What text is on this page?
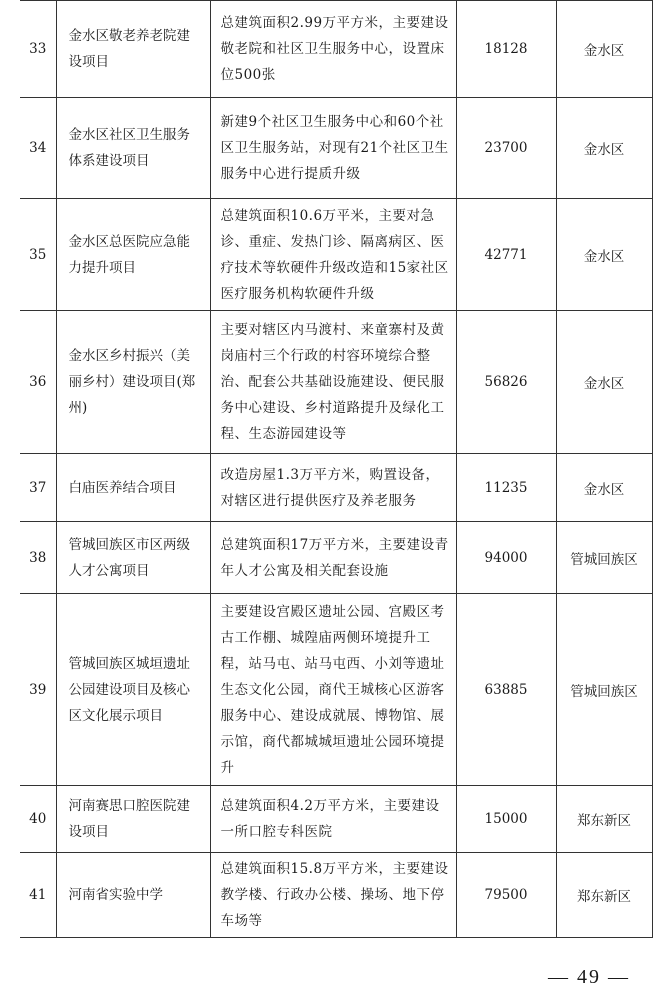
33	金水区敬老养老院建设项目	总建筑面积2.99万平方米，主要建设敬老院和社区卫生服务中心，设置床位500张	18128	金水区
34	金水区社区卫生服务体系建设项目	新建9个社区卫生服务中心和60个社区卫生服务站，对现有21个社区卫生服务中心进行提质升级	23700	金水区
35	金水区总医院应急能力提升项目	总建筑面积10.6万平米，主要对急诊、重症、发热门诊、隔离病区、医疗技术等软硬件升级改造和15家社区医疗服务机构软硬件升级	42771	金水区
36	金水区乡村振兴（美丽乡村）建设项目(郑州)	主要对辖区内马渡村、来童寨村及黄岗庙村三个行政的村容环境综合整治、配套公共基础设施建设、便民服务中心建设、乡村道路提升及绿化工程、生态游园建设等	56826	金水区
37	白庙医养结合项目	改造房屋1.3万平方米，购置设备，对辖区进行提供医疗及养老服务	11235	金水区
38	管城回族区市区两级人才公寓项目	总建筑面积17万平方米，主要建设青年人才公寓及相关配套设施	94000	管城回族区
39	管城回族区城垣遗址公园建设项目及核心区文化展示项目	主要建设宫殿区遗址公园、宫殿区考古工作棚、城隍庙两侧环境提升工程，站马屯、站马屯西、小刘等遗址生态文化公园，商代王城核心区游客服务中心、建设成就展、博物馆、展示馆，商代都城城垣遗址公园环境提升	63885	管城回族区
40	河南赛思口腔医院建设项目	总建筑面积4.2万平方米，主要建设一所口腔专科医院	15000	郑东新区
41	河南省实验中学	总建筑面积15.8万平方米，主要建设教学楼、行政办公楼、操场、地下停车场等	79500	郑东新区
— 49 —
